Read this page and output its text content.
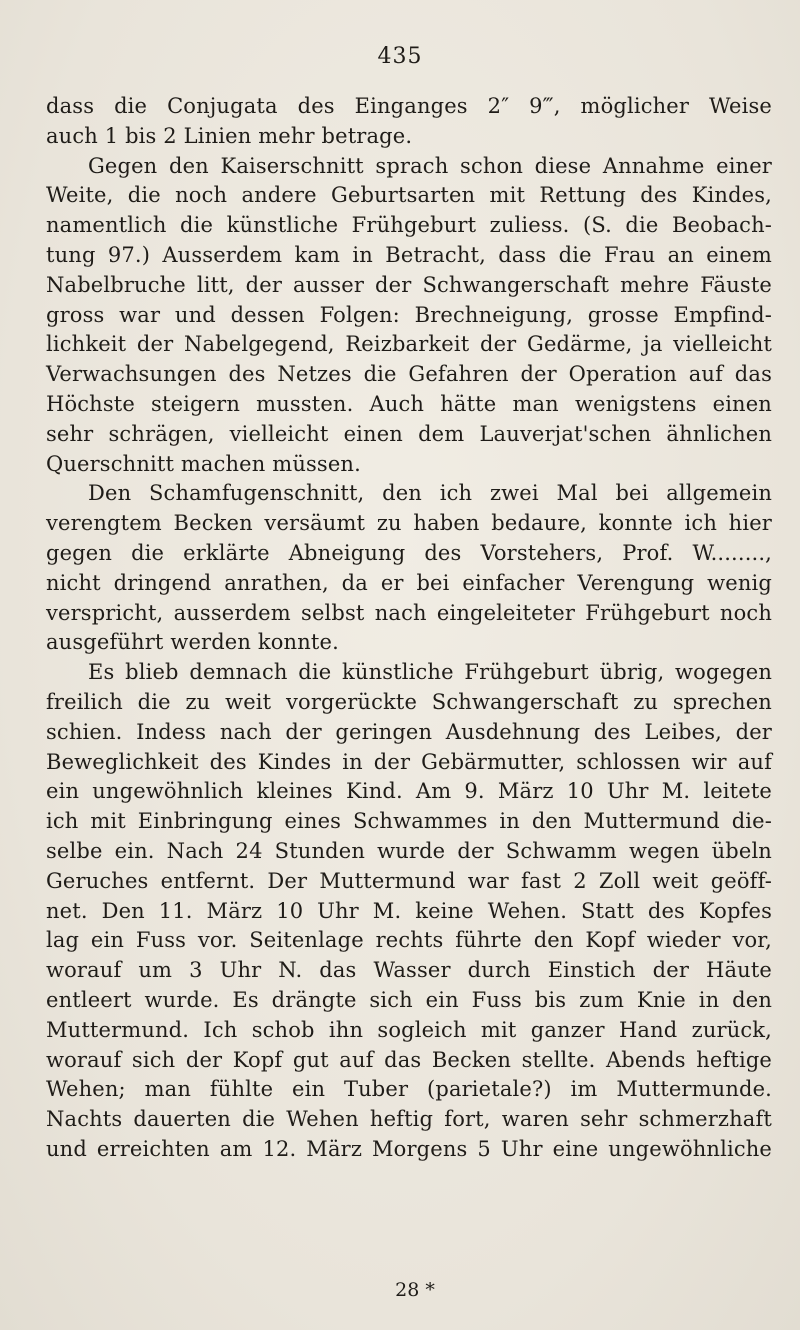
435
dass die Conjugata des Einganges 2″ 9‴, möglicher Weise
auch 1 bis 2 Linien mehr betrage.
Gegen den Kaiserschnitt sprach schon diese Annahme einer
Weite, die noch andere Geburtsarten mit Rettung des Kindes,
namentlich die künstliche Frühgeburt zuliess. (S. die Beobach-
tung 97.) Ausserdem kam in Betracht, dass die Frau an einem
Nabelbruche litt, der ausser der Schwangerschaft mehre Fäuste
gross war und dessen Folgen: Brechneigung, grosse Empfind-
lichkeit der Nabelgegend, Reizbarkeit der Gedärme, ja vielleicht
Verwachsungen des Netzes die Gefahren der Operation auf das
Höchste steigern mussten. Auch hätte man wenigstens einen
sehr schrägen, vielleicht einen dem Lauverjat'schen ähnlichen
Querschnitt machen müssen.
Den Schamfugenschnitt, den ich zwei Mal bei allgemein
verengtem Becken versäumt zu haben bedaure, konnte ich hier
gegen die erklärte Abneigung des Vorstehers, Prof. W........,
nicht dringend anrathen, da er bei einfacher Verengung wenig
verspricht, ausserdem selbst nach eingeleiteter Frühgeburt noch
ausgeführt werden konnte.
Es blieb demnach die künstliche Frühgeburt übrig, wogegen
freilich die zu weit vorgerückte Schwangerschaft zu sprechen
schien. Indess nach der geringen Ausdehnung des Leibes, der
Beweglichkeit des Kindes in der Gebärmutter, schlossen wir auf
ein ungewöhnlich kleines Kind. Am 9. März 10 Uhr M. leitete
ich mit Einbringung eines Schwammes in den Muttermund die-
selbe ein. Nach 24 Stunden wurde der Schwamm wegen übeln
Geruches entfernt. Der Muttermund war fast 2 Zoll weit geöff-
net. Den 11. März 10 Uhr M. keine Wehen. Statt des Kopfes
lag ein Fuss vor. Seitenlage rechts führte den Kopf wieder vor,
worauf um 3 Uhr N. das Wasser durch Einstich der Häute
entleert wurde. Es drängte sich ein Fuss bis zum Knie in den
Muttermund. Ich schob ihn sogleich mit ganzer Hand zurück,
worauf sich der Kopf gut auf das Becken stellte. Abends heftige
Wehen; man fühlte ein Tuber (parietale?) im Muttermunde.
Nachts dauerten die Wehen heftig fort, waren sehr schmerzhaft
und erreichten am 12. März Morgens 5 Uhr eine ungewöhnliche
28 *
